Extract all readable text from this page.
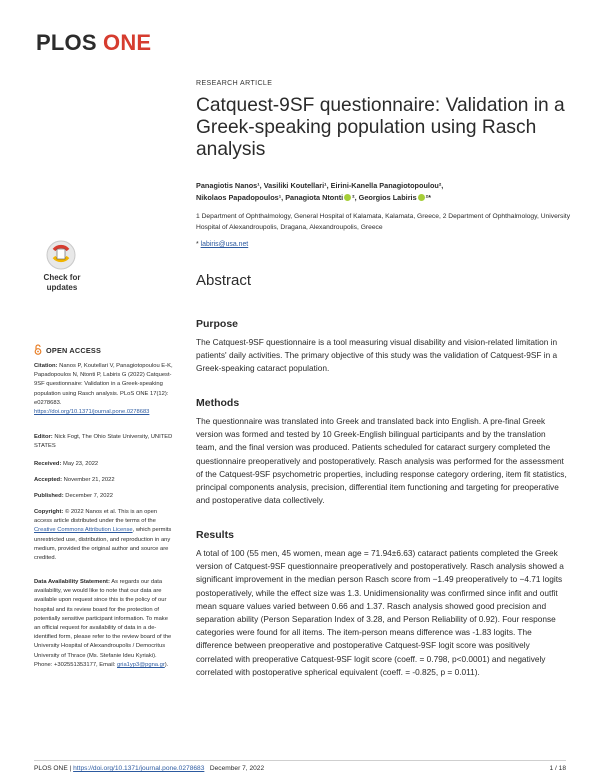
PLOS ONE
RESEARCH ARTICLE
Catquest-9SF questionnaire: Validation in a Greek-speaking population using Rasch analysis
Panagiotis Nanos¹, Vasiliki Koutellari¹, Eirini-Kanella Panagiotopoulou²,
Nikolaos Papadopoulos¹, Panagiota Ntonti ², Georgios Labiris ²*
1 Department of Ophthalmology, General Hospital of Kalamata, Kalamata, Greece, 2 Department of Ophthalmology, University Hospital of Alexandroupolis, Dragana, Alexandroupolis, Greece
* labiris@usa.net
Abstract
Purpose

The Catquest-9SF questionnaire is a tool measuring visual disability and vision-related limitation in patients' daily activities. The primary objective of this study was the validation of Catquest-9SF in a Greek-speaking cataract population.

Methods

The questionnaire was translated into Greek and translated back into English. A pre-final Greek version was formed and tested by 10 Greek-English bilingual participants and by the translation team, and the final version was produced. Patients scheduled for cataract surgery completed the questionnaire preoperatively and postoperatively. Rasch analysis was performed for the assessment of the Catquest-9SF psychometric properties, including response category ordering, item fit statistics, principal components analysis, precision, differential item functioning and targeting for preoperative and postoperative data collectively.

Results

A total of 100 (55 men, 45 women, mean age = 71.94±6.63) cataract patients completed the Greek version of Catquest-9SF questionnaire preoperatively and postoperatively. Rasch analysis showed a significant improvement in the median person Rasch score from −1.49 preoperatively to −4.71 logits postoperatively, while the effect size was 1.3. Unidimensionality was confirmed since infit and outfit mean square values varied between 0.66 and 1.37. Rasch analysis showed good precision and separation ability (Person Separation Index of 3.28, and Person Reliability of 0.92). Four response categories were found for all items. The item-person means difference was -1.83 logits. The difference between preoperative and postoperative Catquest-9SF logit score was positively correlated with preoperative Catquest-9SF logit score (coeff. = 0.798, p<0.0001) and negatively correlated with postoperative spherical equivalent (coeff. = -0.825, p = 0.011).

Check for updates
OPEN ACCESS

Citation: Nanos P, Koutellari V, Panagiotopoulou E-K, Papadopoulos N, Ntonti P, Labiris G (2022) Catquest-9SF questionnaire: Validation in a Greek-speaking population using Rasch analysis. PLoS ONE 17(12): e0278683. https://doi.org/10.1371/journal.pone.0278683

Editor: Nick Fogt, The Ohio State University, UNITED STATES

Received: May 23, 2022

Accepted: November 21, 2022

Published: December 7, 2022

Copyright: © 2022 Nanos et al. This is an open access article distributed under the terms of the Creative Commons Attribution License, which permits unrestricted use, distribution, and reproduction in any medium, provided the original author and source are credited.

Data Availability Statement: As regards our data availability, we would like to note that our data are available upon request since this is the policy of our hospital and its review board for the protection of potentially sensitive participant information. To make an official request for availability of data in a de-identified form, please refer to the review board of the University Hospital of Alexandroupolis / Democritus University of Thrace (Ms. Stefanie Ideu Kyriaki). Phone: +302551353177, Email: gria1yp3@pgna.gr).

PLOS ONE | https://doi.org/10.1371/journal.pone.0278683 December 7, 2022	1 / 18
